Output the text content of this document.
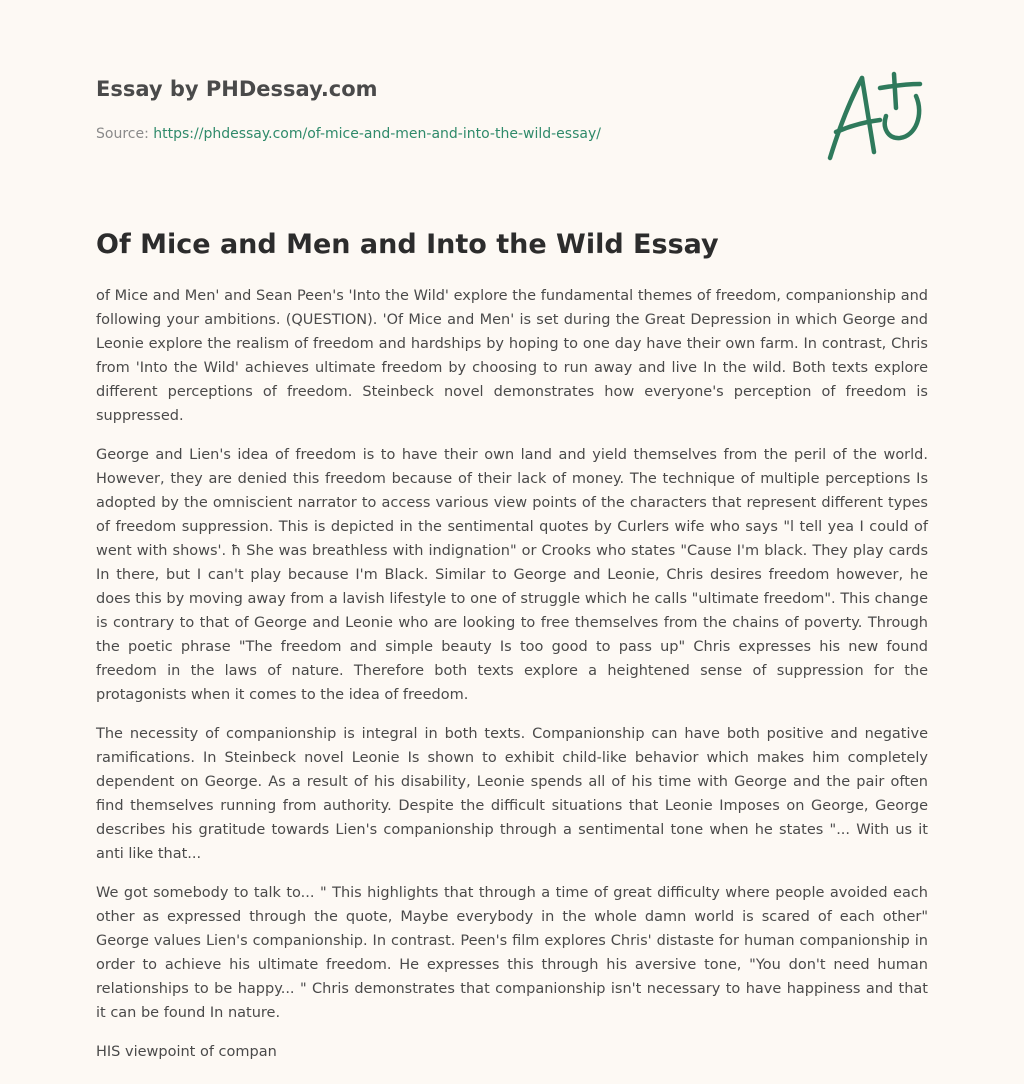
Essay by PHDessay.com
Source: https://phdessay.com/of-mice-and-men-and-into-the-wild-essay/
Of Mice and Men and Into the Wild Essay

of Mice and Men' and Sean Peen's 'Into the Wild' explore the fundamental themes of freedom, companionship and following your ambitions. (QUESTION). 'Of Mice and Men' is set during the Great Depression in which George and Leonie explore the realism of freedom and hardships by hoping to one day have their own farm. In contrast, Chris from 'Into the Wild' achieves ultimate freedom by choosing to run away and live In the wild. Both texts explore different perceptions of freedom. Steinbeck novel demonstrates how everyone's perception of freedom is suppressed.

George and Lien's idea of freedom is to have their own land and yield themselves from the peril of the world. However, they are denied this freedom because of their lack of money. The technique of multiple perceptions Is adopted by the omniscient narrator to access various view points of the characters that represent different types of freedom suppression. This is depicted in the sentimental quotes by Curlers wife who says "l tell yea I could of went with shows'. ħ She was breathless with indignation" or Crooks who states "Cause I'm black. They play cards In there, but I can't play because I'm Black. Similar to George and Leonie, Chris desires freedom however, he does this by moving away from a lavish lifestyle to one of struggle which he calls "ultimate freedom". This change is contrary to that of George and Leonie who are looking to free themselves from the chains of poverty. Through the poetic phrase "The freedom and simple beauty Is too good to pass up" Chris expresses his new found freedom in the laws of nature. Therefore both texts explore a heightened sense of suppression for the protagonists when it comes to the idea of freedom.

The necessity of companionship is integral in both texts. Companionship can have both positive and negative ramifications. In Steinbeck novel Leonie Is shown to exhibit child-like behavior which makes him completely dependent on George. As a result of his disability, Leonie spends all of his time with George and the pair often find themselves running from authority. Despite the difficult situations that Leonie Imposes on George, George describes his gratitude towards Lien's companionship through a sentimental tone when he states "... With us it anti like that...

We got somebody to talk to... " This highlights that through a time of great difficulty where people avoided each other as expressed through the quote, Maybe everybody in the whole damn world is scared of each other" George values Lien's companionship. In contrast. Peen's film explores Chris' distaste for human companionship in order to achieve his ultimate freedom. He expresses this through his aversive tone, "You don't need human relationships to be happy... " Chris demonstrates that companionship isn't necessary to have happiness and that it can be found In nature.

HIS viewpoint of compan
